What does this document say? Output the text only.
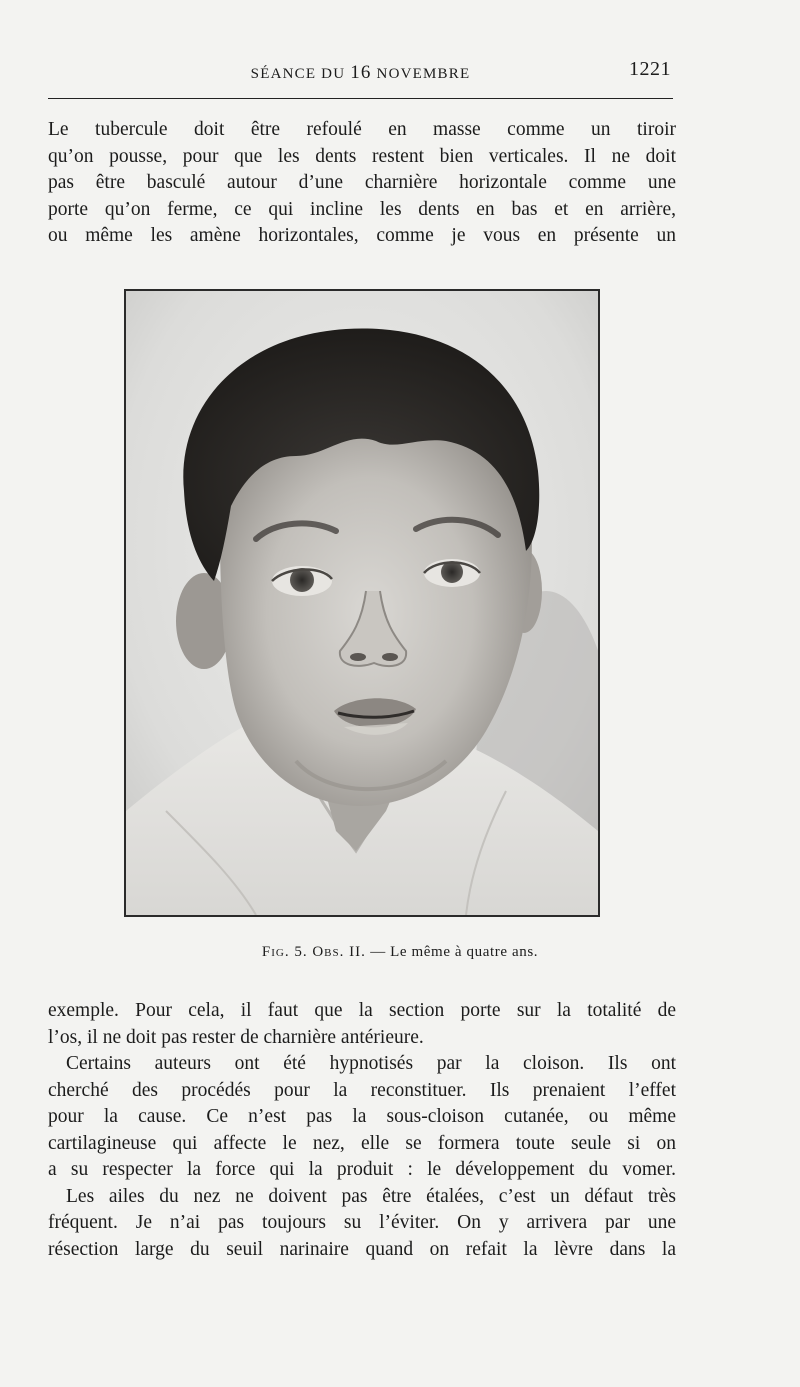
SÉANCE DU 16 NOVEMBRE	1221
Le tubercule doit être refoulé en masse comme un tiroir
qu’on pousse, pour que les dents restent bien verticales. Il ne doit
pas être basculé autour d’une charnière horizontale comme une
porte qu’on ferme, ce qui incline les dents en bas et en arrière,
ou même les amène horizontales, comme je vous en présente un
Fig. 5. Obs. II. — Le même à quatre ans.
exemple. Pour cela, il faut que la section porte sur la totalité de
l’os, il ne doit pas rester de charnière antérieure.
Certains auteurs ont été hypnotisés par la cloison. Ils ont
cherché des procédés pour la reconstituer. Ils prenaient l’effet
pour la cause. Ce n’est pas la sous-cloison cutanée, ou même
cartilagineuse qui affecte le nez, elle se formera toute seule si on
a su respecter la force qui la produit : le développement du vomer.
Les ailes du nez ne doivent pas être étalées, c’est un défaut très
fréquent. Je n’ai pas toujours su l’éviter. On y arrivera par une
résection large du seuil narinaire quand on refait la lèvre dans la
